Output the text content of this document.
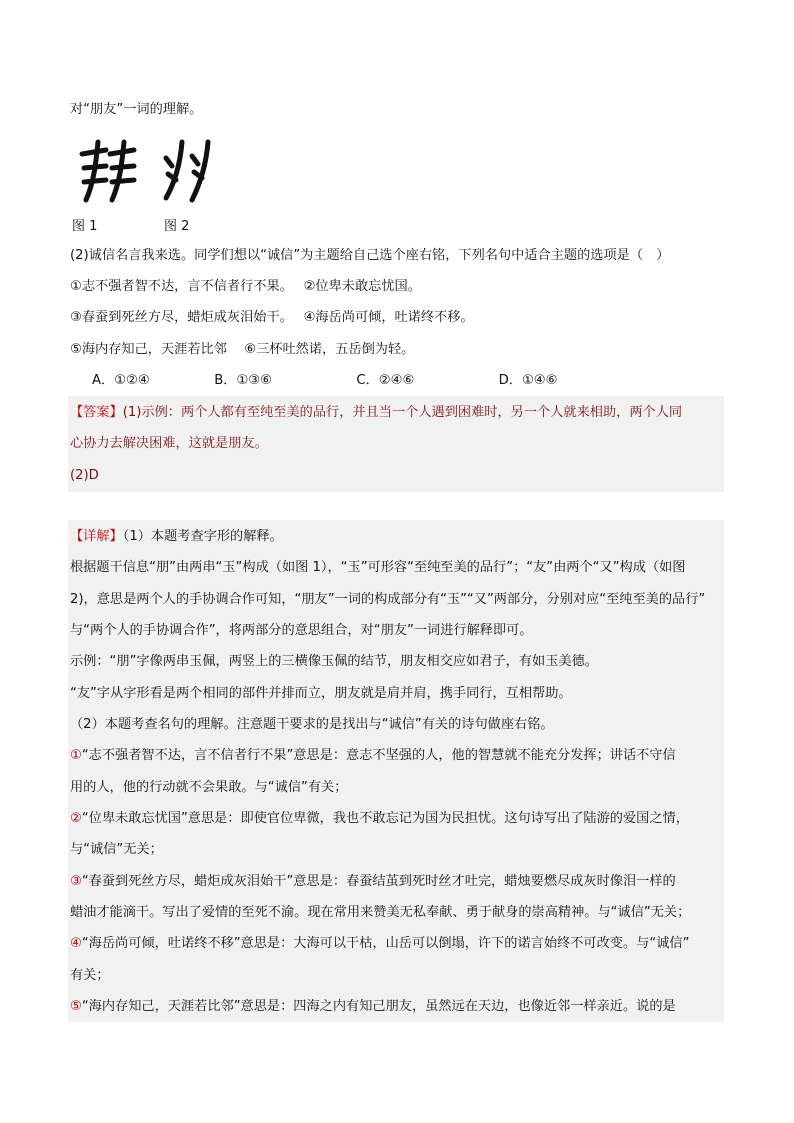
对“朋友”一词的理解。
图 1	图 2
(2)诚信名言我来选。同学们想以“诚信”为主题给自己选个座右铭，下列名句中适合主题的选项是（　）
①志不强者智不达，言不信者行不果。　 ②位卑未敢忘忧国。
③春蚕到死丝方尽，蜡炬成灰泪始干。　 ④海岳尚可倾，吐诺终不移。
⑤海内存知己，天涯若比邻　 ⑥三杯吐然诺，五岳倒为轻。
A．①②④	B．①③⑥	C．②④⑥	D．①④⑥
【答案】(1)示例：两个人都有至纯至美的品行，并且当一个人遇到困难时，另一个人就来相助，两个人同
心协力去解决困难，这就是朋友。
(2)D
【详解】（1）本题考查字形的解释。
根据题干信息“朋”由两串“玉”构成（如图 1），“玉”可形容“至纯至美的品行”；“友”由两个“又”构成（如图
2)，意思是两个人的手协调合作可知，“朋友”一词的构成部分有“玉”“又”两部分，分别对应“至纯至美的品行”
与“两个人的手协调合作”，将两部分的意思组合，对“朋友”一词进行解释即可。
示例：“朋”字像两串玉佩，两竖上的三横像玉佩的结节，朋友相交应如君子，有如玉美德。
“友”字从字形看是两个相同的部件并排而立，朋友就是肩并肩，携手同行，互相帮助。
（2）本题考查名句的理解。注意题干要求的是找出与“诚信”有关的诗句做座右铭。
①“志不强者智不达，言不信者行不果”意思是：意志不坚强的人，他的智慧就不能充分发挥；讲话不守信
用的人，他的行动就不会果敢。与“诚信”有关；
②“位卑未敢忘忧国”意思是：即使官位卑微，我也不敢忘记为国为民担忧。这句诗写出了陆游的爱国之情，
与“诚信”无关；
③“春蚕到死丝方尽，蜡炬成灰泪始干”意思是：春蚕结茧到死时丝才吐完，蜡烛要燃尽成灰时像泪一样的
蜡油才能滴干。写出了爱情的至死不渝。现在常用来赞美无私奉献、勇于献身的崇高精神。与“诚信”无关；
④“海岳尚可倾，吐诺终不移”意思是：大海可以干枯，山岳可以倒塌，许下的诺言始终不可改变。与“诚信”
有关；
⑤“海内存知己，天涯若比邻”意思是：四海之内有知己朋友，虽然远在天边，也像近邻一样亲近。说的是
